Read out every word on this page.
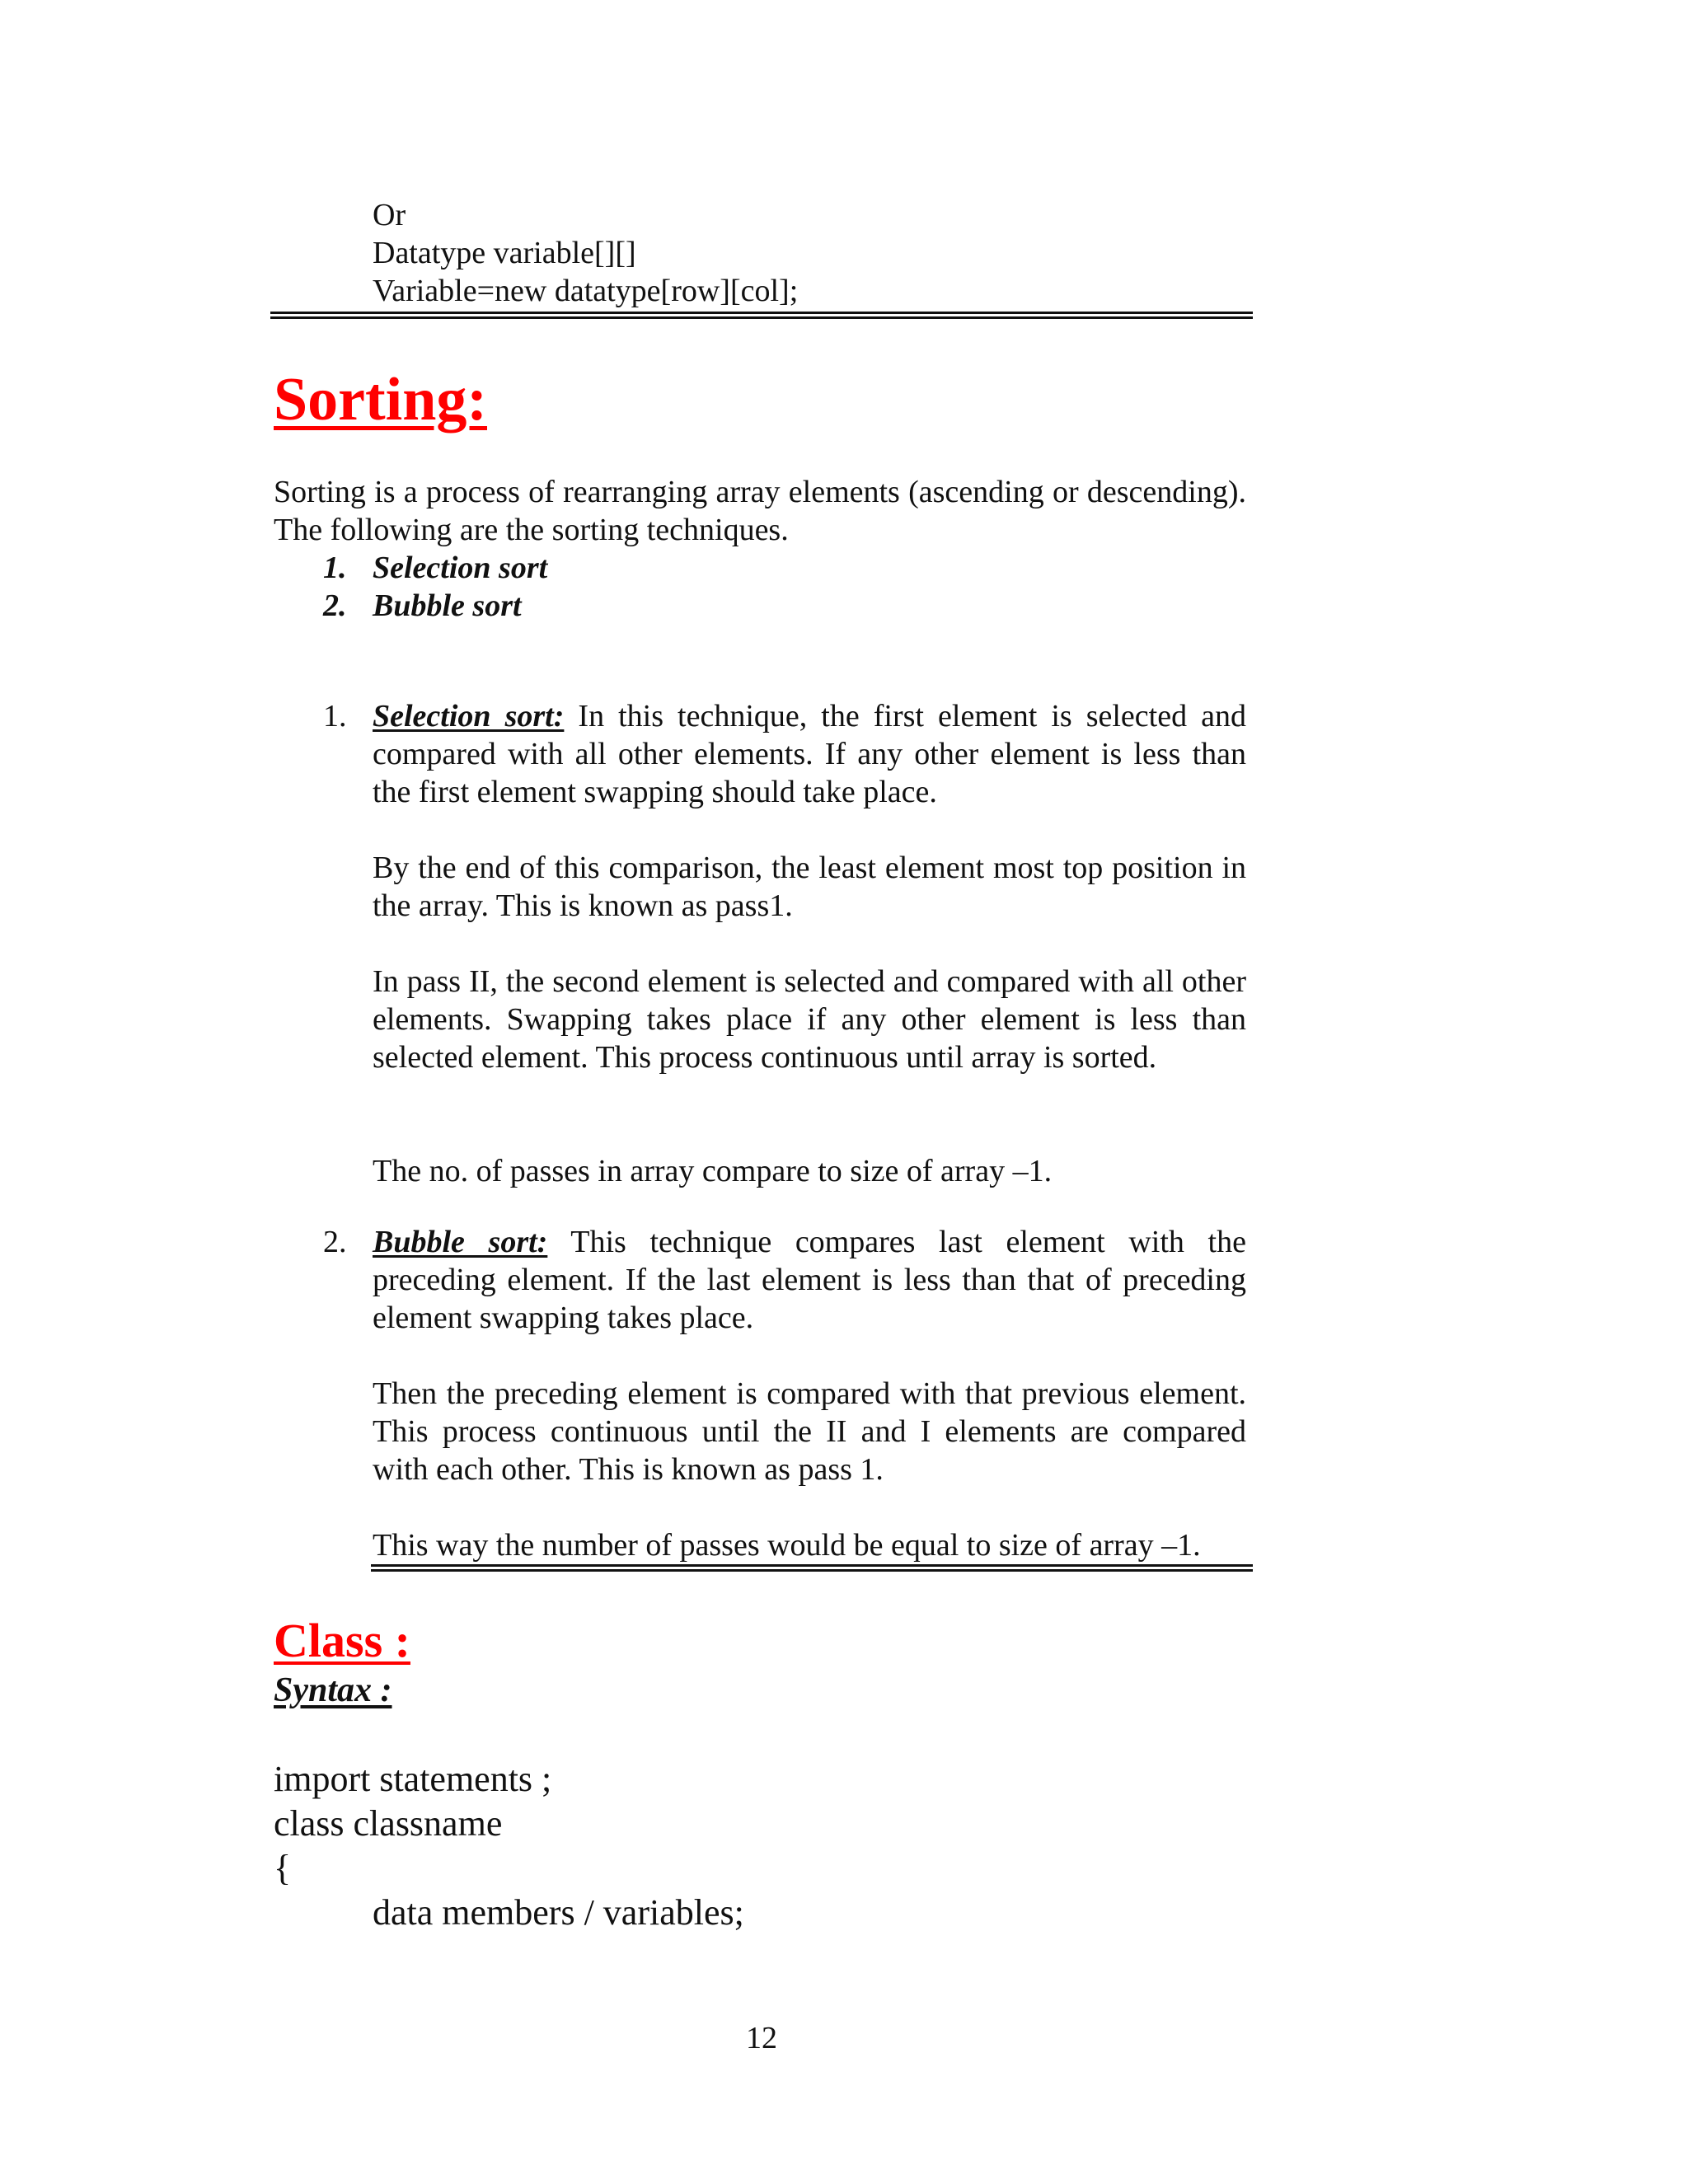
Or
Datatype variable[][]
Variable=new datatype[row][col];
Sorting:

Sorting is a process of rearranging array elements (ascending or descending). The following are the sorting techniques.

1. Selection sort
2. Bubble sort
1. Selection sort: In this technique, the first element is selected and compared with all other elements. If any other element is less than the first element swapping should take place.

By the end of this comparison, the least element most top position in the array. This is known as pass1.

In pass II, the second element is selected and compared with all other elements. Swapping takes place if any other element is less than selected element. This process continuous until array is sorted.

The no. of passes in array compare to size of array –1.

2. Bubble sort: This technique compares last element with the preceding element. If the last element is less than that of preceding element swapping takes place.

Then the preceding element is compared with that previous element. This process continuous until the II and I elements are compared with each other. This is known as pass 1.

This way the number of passes would be equal to size of array –1.

Class :
Syntax :
import statements ;
class classname
{
data members / variables;
12
